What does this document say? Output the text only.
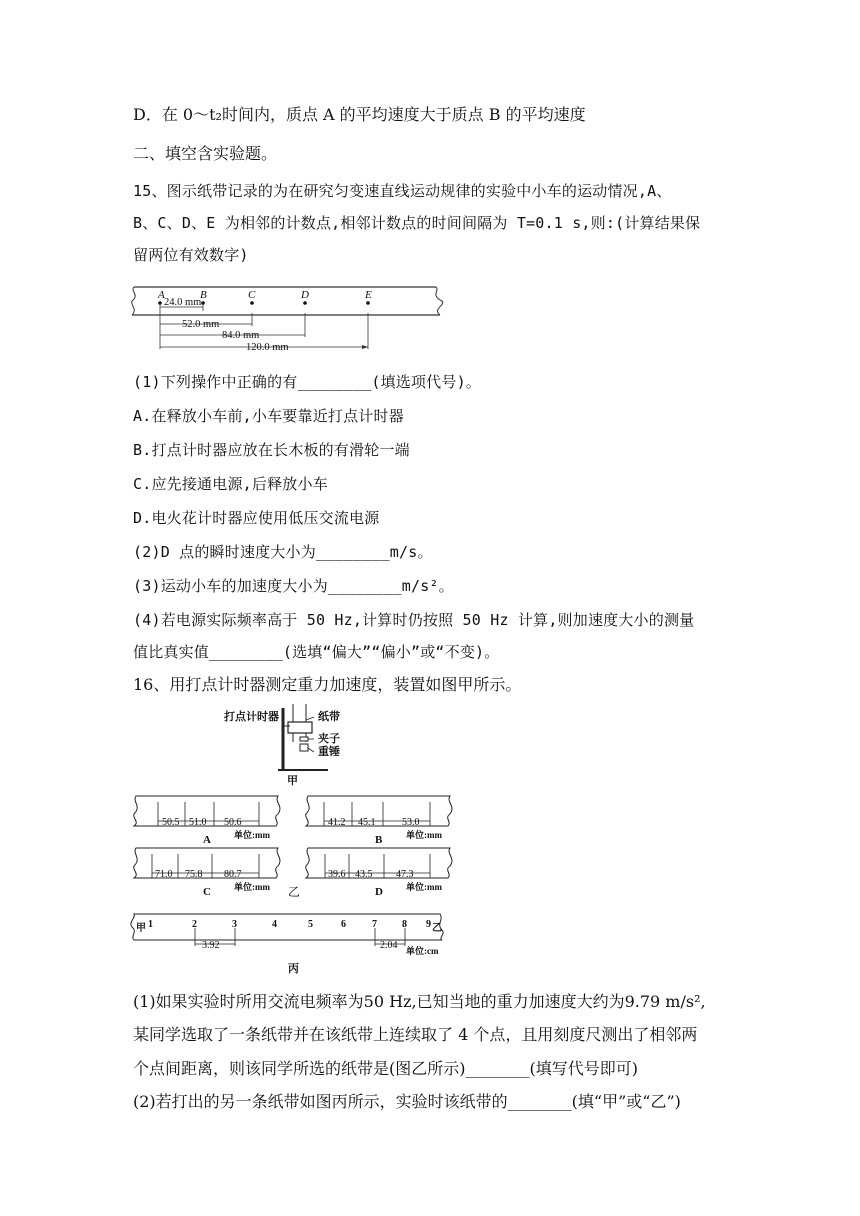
D．在 0～t₂时间内，质点 A 的平均速度大于质点 B 的平均速度
二、填空含实验题。
15、图示纸带记录的为在研究匀变速直线运动规律的实验中小车的运动情况,A、
B、C、D、E 为相邻的计数点,相邻计数点的时间间隔为 T=0.1 s,则:(计算结果保
留两位有效数字)
A	B	C	D	E
24.0 mm
52.0 mm
84.0 mm
120.0 mm
(1)下列操作中正确的有________(填选项代号)。
A.在释放小车前,小车要靠近打点计时器
B.打点计时器应放在长木板的有滑轮一端
C.应先接通电源,后释放小车
D.电火花计时器应使用低压交流电源
(2)D 点的瞬时速度大小为________m/s。
(3)运动小车的加速度大小为________m/s²。
(4)若电源实际频率高于 50 Hz,计算时仍按照 50 Hz 计算,则加速度大小的测量
值比真实值________(选填“偏大”“偏小”或“不变)。
16、用打点计时器测定重力加速度，装置如图甲所示。
打点计时器	纸带
夹子
重锤
甲
50.5 51.0 50.6
单位:mm
A
41.2 45.1	53.0
单位:mm
B
71.0 75.8 80.7
单位:mm
C
39.6 43.5 47.3
单位:mm
D
乙
甲 1	2	3	4	5	6	7	8 9 乙
3.92	2.04 单位:cm
丙
(1)如果实验时所用交流电频率为50 Hz,已知当地的重力加速度大约为9.79 m/s²,
某同学选取了一条纸带并在该纸带上连续取了 4 个点，且用刻度尺测出了相邻两
个点间距离，则该同学所选的纸带是(图乙所示)________(填写代号即可)
(2)若打出的另一条纸带如图丙所示，实验时该纸带的________(填“甲”或“乙”)
